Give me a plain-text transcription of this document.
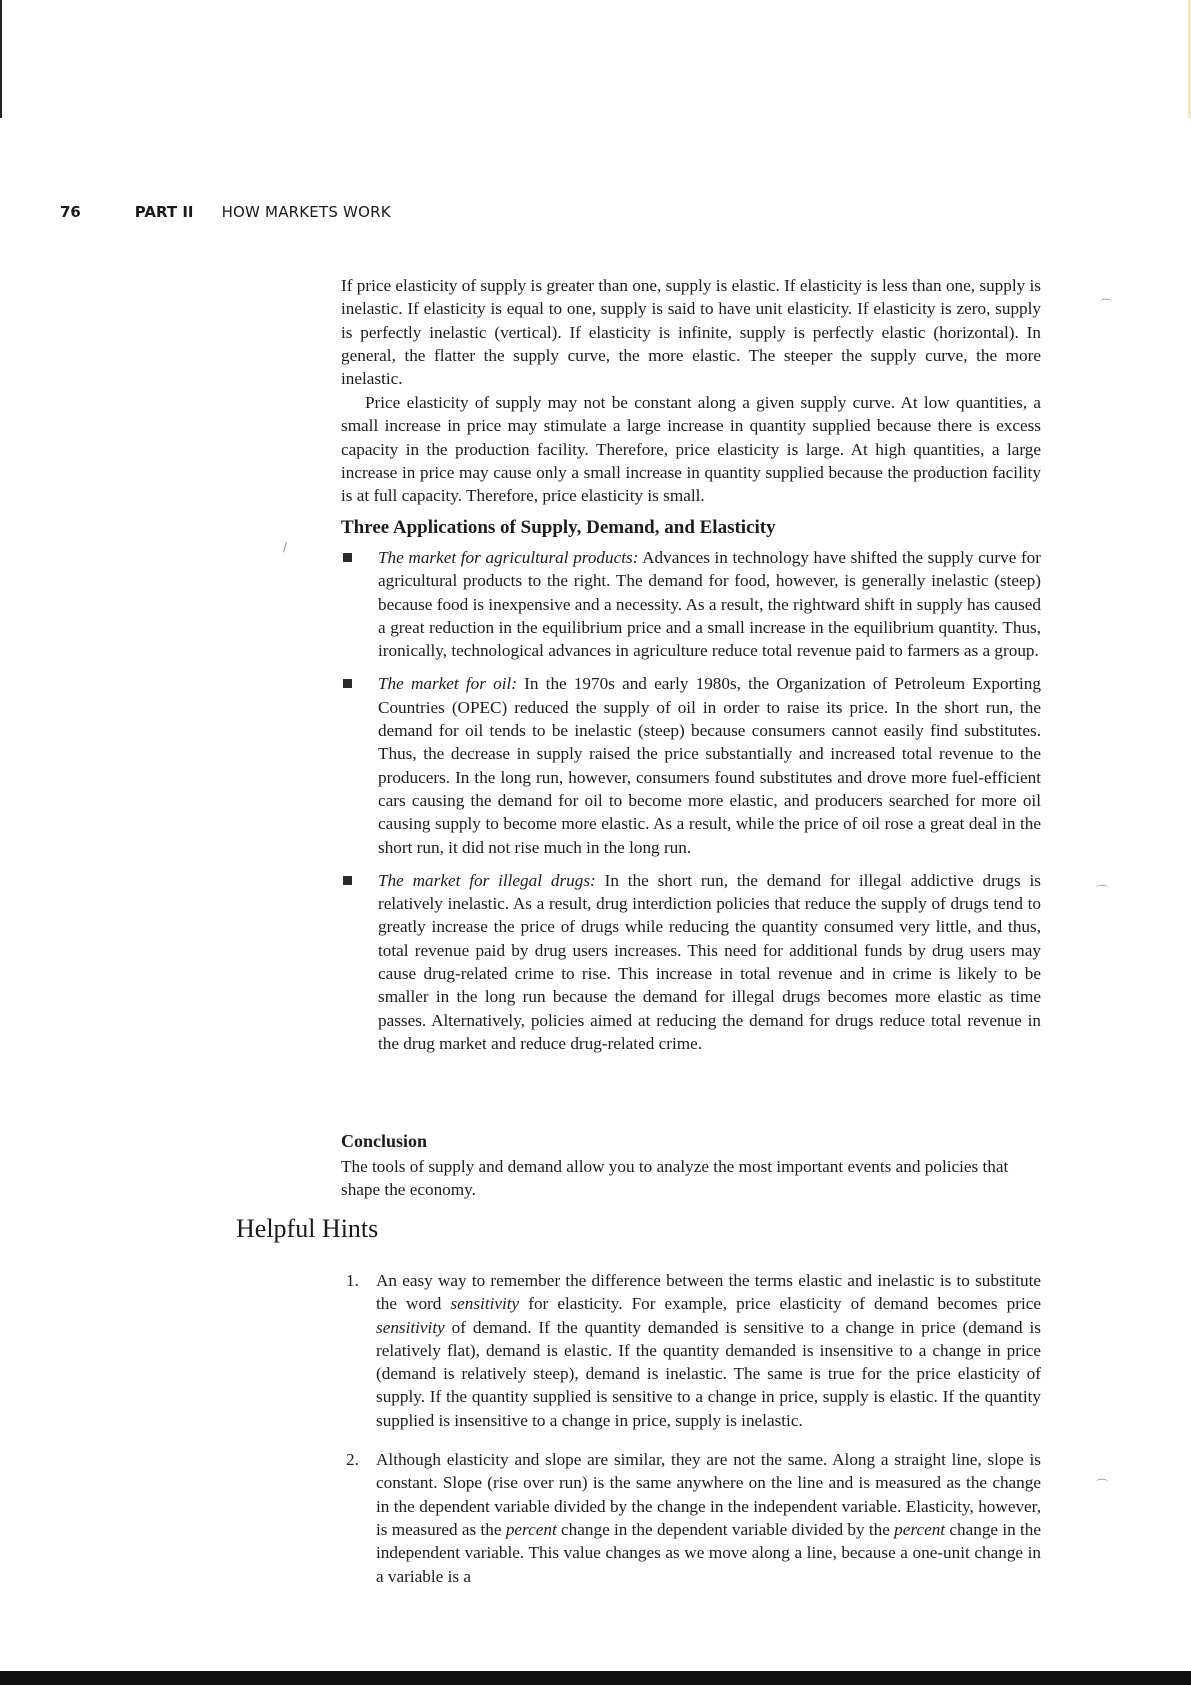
76	PART II HOW MARKETS WORK

If price elasticity of supply is greater than one, supply is elastic. If elasticity is less than one, supply is inelastic. If elasticity is equal to one, supply is said to have unit elasticity. If elasticity is zero, supply is perfectly inelastic (vertical). If elasticity is infinite, supply is perfectly elastic (horizontal). In general, the flatter the supply curve, the more elastic. The steeper the supply curve, the more inelastic.

Price elasticity of supply may not be constant along a given supply curve. At low quantities, a small increase in price may stimulate a large increase in quantity supplied because there is excess capacity in the production facility. Therefore, price elasticity is large. At high quantities, a large increase in price may cause only a small increase in quantity supplied because the production facility is at full capacity. Therefore, price elasticity is small.

Three Applications of Supply, Demand, and Elasticity
The market for agricultural products: Advances in technology have shifted the supply curve for agricultural products to the right. The demand for food, however, is generally inelastic (steep) because food is inexpensive and a necessity. As a result, the rightward shift in supply has caused a great reduction in the equilibrium price and a small increase in the equilibrium quantity. Thus, ironically, technological advances in agriculture reduce total revenue paid to farmers as a group.
The market for oil: In the 1970s and early 1980s, the Organization of Petroleum Exporting Countries (OPEC) reduced the supply of oil in order to raise its price. In the short run, the demand for oil tends to be inelastic (steep) because consumers cannot easily find substitutes. Thus, the decrease in supply raised the price substantially and increased total revenue to the producers. In the long run, however, consumers found substitutes and drove more fuel-efficient cars causing the demand for oil to become more elastic, and producers searched for more oil causing supply to become more elastic. As a result, while the price of oil rose a great deal in the short run, it did not rise much in the long run.
The market for illegal drugs: In the short run, the demand for illegal addictive drugs is relatively inelastic. As a result, drug interdiction policies that reduce the supply of drugs tend to greatly increase the price of drugs while reducing the quantity consumed very little, and thus, total revenue paid by drug users increases. This need for additional funds by drug users may cause drug-related crime to rise. This increase in total revenue and in crime is likely to be smaller in the long run because the demand for illegal drugs becomes more elastic as time passes. Alternatively, policies aimed at reducing the demand for drugs reduce total revenue in the drug market and reduce drug-related crime.
Conclusion

The tools of supply and demand allow you to analyze the most important events and policies that shape the economy.

Helpful Hints
1. An easy way to remember the difference between the terms elastic and inelastic is to substitute the word sensitivity for elasticity. For example, price elasticity of demand becomes price sensitivity of demand. If the quantity demanded is sensitive to a change in price (demand is relatively flat), demand is elastic. If the quantity demanded is insensitive to a change in price (demand is relatively steep), demand is inelastic. The same is true for the price elasticity of supply. If the quantity supplied is sensitive to a change in price, supply is elastic. If the quantity supplied is insensitive to a change in price, supply is inelastic.
2. Although elasticity and slope are similar, they are not the same. Along a straight line, slope is constant. Slope (rise over run) is the same anywhere on the line and is measured as the change in the dependent variable divided by the change in the independent variable. Elasticity, however, is measured as the percent change in the dependent variable divided by the percent change in the independent variable. This value changes as we move along a line, because a one-unit change in a variable is a
⌒
/
⌒
⌒
